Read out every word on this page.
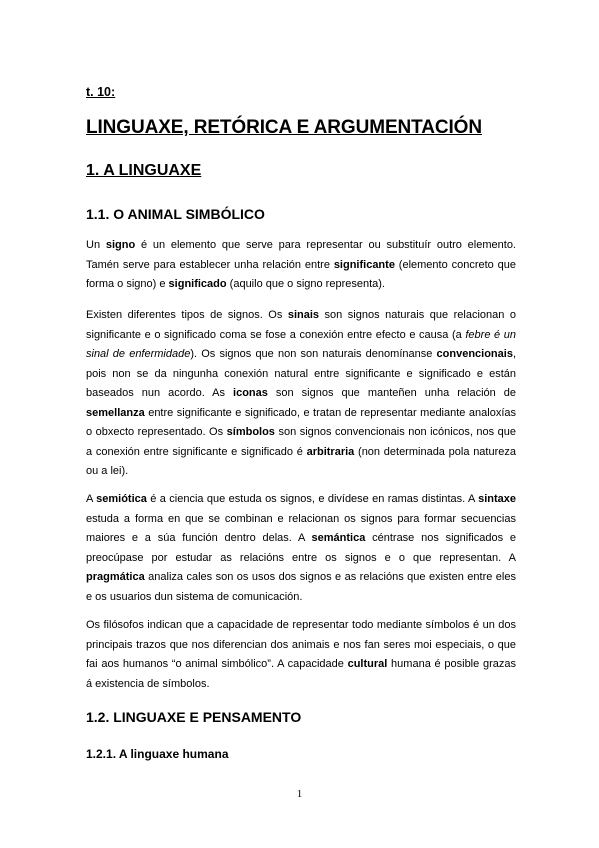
t. 10:
LINGUAXE, RETÓRICA E ARGUMENTACIÓN
1. A LINGUAXE
1.1. O ANIMAL SIMBÓLICO

Un signo é un elemento que serve para representar ou substituír outro elemento. Tamén serve para establecer unha relación entre significante (elemento concreto que forma o signo) e significado (aquilo que o signo representa).

Existen diferentes tipos de signos. Os sinais son signos naturais que relacionan o significante e o significado coma se fose a conexión entre efecto e causa (a febre é un sinal de enfermidade). Os signos que non son naturais denomínanse convencionais, pois non se da ningunha conexión natural entre significante e significado e están baseados nun acordo. As iconas son signos que manteñen unha relación de semellanza entre significante e significado, e tratan de representar mediante analoxías o obxecto representado. Os símbolos son signos convencionais non icónicos, nos que a conexión entre significante e significado é arbitraria (non determinada pola natureza ou a lei).

A semiótica é a ciencia que estuda os signos, e divídese en ramas distintas. A sintaxe estuda a forma en que se combinan e relacionan os signos para formar secuencias maiores e a súa función dentro delas. A semántica céntrase nos significados e preocúpase por estudar as relacións entre os signos e o que representan. A pragmática analiza cales son os usos dos signos e as relacións que existen entre eles e os usuarios dun sistema de comunicación.

Os filósofos indican que a capacidade de representar todo mediante símbolos é un dos principais trazos que nos diferencian dos animais e nos fan seres moi especiais, o que fai aos humanos “o animal simbólico”. A capacidade cultural humana é posible grazas á existencia de símbolos.

1.2. LINGUAXE E PENSAMENTO
1.2.1. A linguaxe humana
1
